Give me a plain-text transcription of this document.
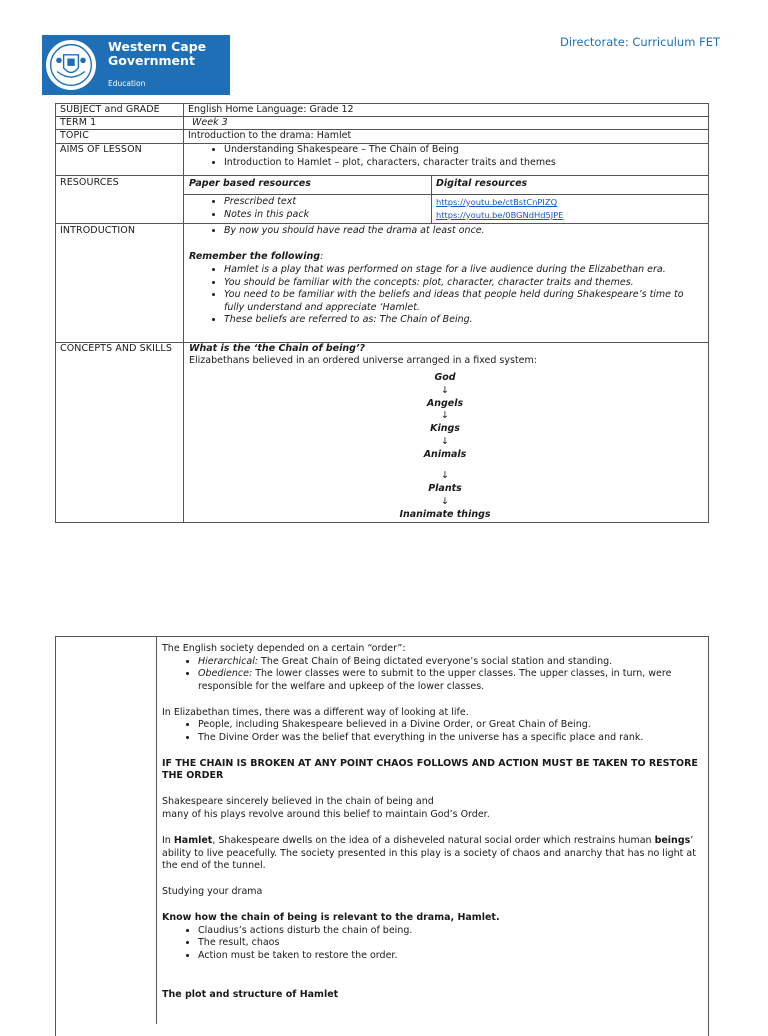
Western Cape
Government
Education
Directorate: Curriculum FET
SUBJECT and GRADE
TERM 1
TOPIC
AIMS OF LESSON
RESOURCES
INTRODUCTION
CONCEPTS AND SKILLS
English Home Language: Grade 12
Week 3
Introduction to the drama: Hamlet
• Understanding Shakespeare – The Chain of Being
• Introduction to Hamlet – plot, characters, character traits and themes
Paper based resources	Digital resources
• Prescribed text
• Notes in this pack
https://youtu.be/ctBstCnPIZQ
https://youtu.be/0BGNdHd5JPE
• By now you should have read the drama at least once.
Remember the following:
• Hamlet is a play that was performed on stage for a live audience during the Elizabethan era.
• You should be familiar with the concepts: plot, character, character traits and themes.
• You need to be familiar with the beliefs and ideas that people held during Shakespeare’s time to fully understand and appreciate ‘Hamlet.
• These beliefs are referred to as: The Chain of Being.
What is the ‘the Chain of being’?
Elizabethans believed in an ordered universe arranged in a fixed system:
God
↓
Angels
↓
Kings
↓
Animals
↓
Plants
↓
Inanimate things

The English society depended on a certain “order”:

• Hierarchical: The Great Chain of Being dictated everyone’s social station and standing.
• Obedience: The lower classes were to submit to the upper classes. The upper classes, in turn, were responsible for the welfare and upkeep of the lower classes.

In Elizabethan times, there was a different way of looking at life.

• People, including Shakespeare believed in a Divine Order, or Great Chain of Being.
• The Divine Order was the belief that everything in the universe has a specific place and rank.

IF THE CHAIN IS BROKEN AT ANY POINT CHAOS FOLLOWS AND ACTION MUST BE TAKEN TO RESTORE THE ORDER

Shakespeare sincerely believed in the chain of being and

many of his plays revolve around this belief to maintain God’s Order.

In Hamlet, Shakespeare dwells on the idea of a disheveled natural social order which restrains human beings’ ability to live peacefully. The society presented in this play is a society of chaos and anarchy that has no light at the end of the tunnel.

Studying your drama

Know how the chain of being is relevant to the drama, Hamlet.

• Claudius’s actions disturb the chain of being.
• The result, chaos
• Action must be taken to restore the order.

The plot and structure of Hamlet
